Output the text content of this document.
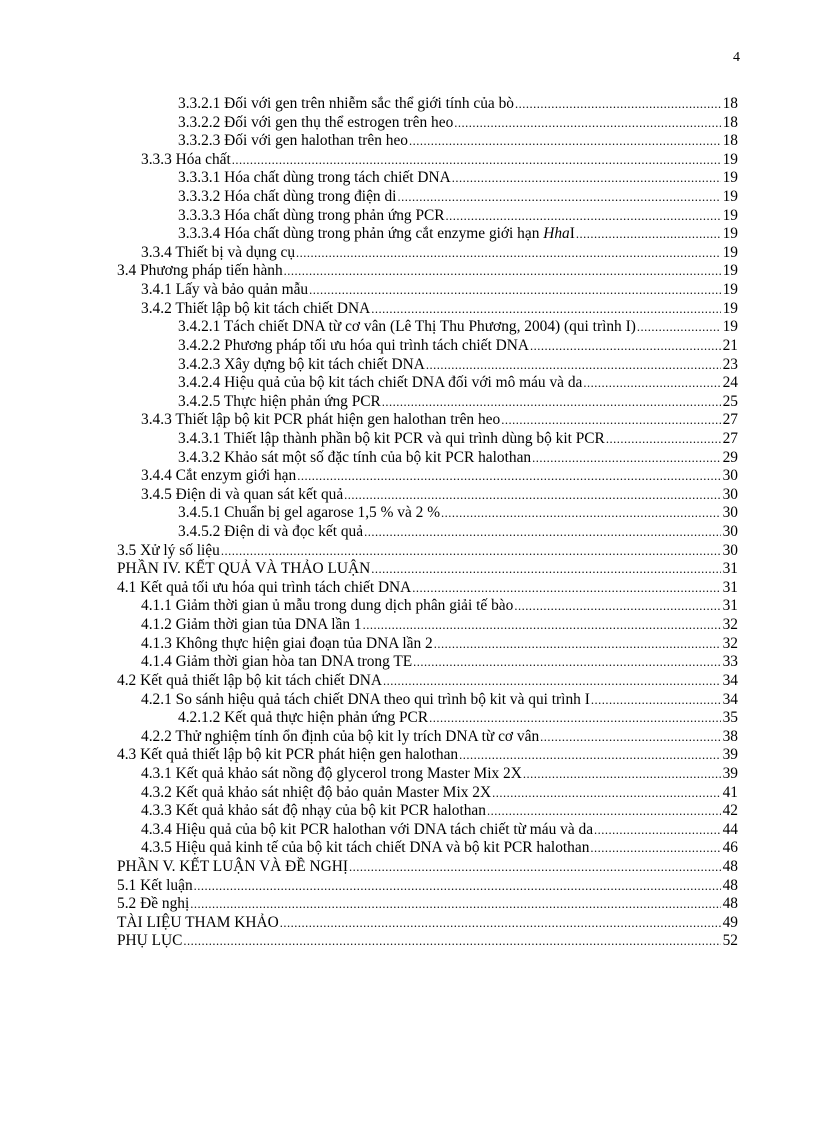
4
3.3.2.1 Đối với gen trên nhiễm sắc thể giới tính của bò .....	18
3.3.2.2 Đối với gen thụ thể estrogen trên heo .....	18
3.3.2.3 Đối với gen halothan trên heo .....	18
3.3.3 Hóa chất .....	19
3.3.3.1 Hóa chất dùng trong tách chiết DNA .....	19
3.3.3.2 Hóa chất dùng trong điện di .....	19
3.3.3.3 Hóa chất dùng trong phản ứng PCR .....	19
3.3.3.4 Hóa chất dùng trong phản ứng cắt enzyme giới hạn HhaI .....	19
3.3.4 Thiết bị và dụng cụ .....	19
3.4 Phương pháp tiến hành .....	19
3.4.1 Lấy và bảo quản mẫu .....	19
3.4.2 Thiết lập bộ kit tách chiết DNA .....	19
3.4.2.1 Tách chiết DNA từ cơ vân (Lê Thị Thu Phương, 2004) (qui trình I) .....	19
3.4.2.2 Phương pháp tối ưu hóa qui trình tách chiết DNA .....	21
3.4.2.3 Xây dựng bộ kit tách chiết DNA .....	23
3.4.2.4 Hiệu quả của bộ kit tách chiết DNA đối với mô máu và da .....	24
3.4.2.5 Thực hiện phản ứng PCR .....	25
3.4.3 Thiết lập bộ kit PCR phát hiện gen halothan trên heo .....	27
3.4.3.1 Thiết lập thành phần bộ kit PCR và qui trình dùng bộ kit PCR .....	27
3.4.3.2 Khảo sát một số đặc tính của bộ kit PCR halothan .....	29
3.4.4 Cắt enzym giới hạn .....	30
3.4.5 Điện di và quan sát kết quả .....	30
3.4.5.1 Chuẩn bị gel agarose 1,5 % và 2 % .....	30
3.4.5.2 Điện di và đọc kết quả .....	30
3.5 Xử lý số liệu .....	30
PHẦN IV. KẾT QUẢ VÀ THẢO LUẬN .....	31
4.1 Kết quả tối ưu hóa qui trình tách chiết DNA .....	31
4.1.1 Giảm thời gian ủ mẫu trong dung dịch phân giải tế bào .....	31
4.1.2 Giảm thời gian tủa DNA lần 1 .....	32
4.1.3 Không thực hiện giai đoạn tủa DNA lần 2 .....	32
4.1.4 Giảm thời gian hòa tan DNA trong TE .....	33
4.2 Kết quả thiết lập bộ kit tách chiết DNA .....	34
4.2.1 So sánh hiệu quả tách chiết DNA theo qui trình bộ kit và qui trình I .....	34
4.2.1.2 Kết quả thực hiện phản ứng PCR .....	35
4.2.2 Thử nghiệm tính ổn định của bộ kit ly trích DNA từ cơ vân .....	38
4.3 Kết quả thiết lập bộ kit PCR phát hiện gen halothan .....	39
4.3.1 Kết quả khảo sát nồng độ glycerol trong Master Mix 2X .....	39
4.3.2 Kết quả khảo sát nhiệt độ bảo quản Master Mix 2X .....	41
4.3.3 Kết quả khảo sát độ nhạy của bộ kit PCR halothan .....	42
4.3.4 Hiệu quả của bộ kit PCR halothan với DNA tách chiết từ máu và da .....	44
4.3.5 Hiệu quả kinh tế của bộ kit tách chiết DNA và bộ kit PCR halothan .....	46
PHẦN V. KẾT LUẬN VÀ ĐỀ NGHỊ .....	48
5.1 Kết luận .....	48
5.2 Đề nghị .....	48
TÀI LIỆU THAM KHẢO .....	49
PHỤ LỤC .....	52
